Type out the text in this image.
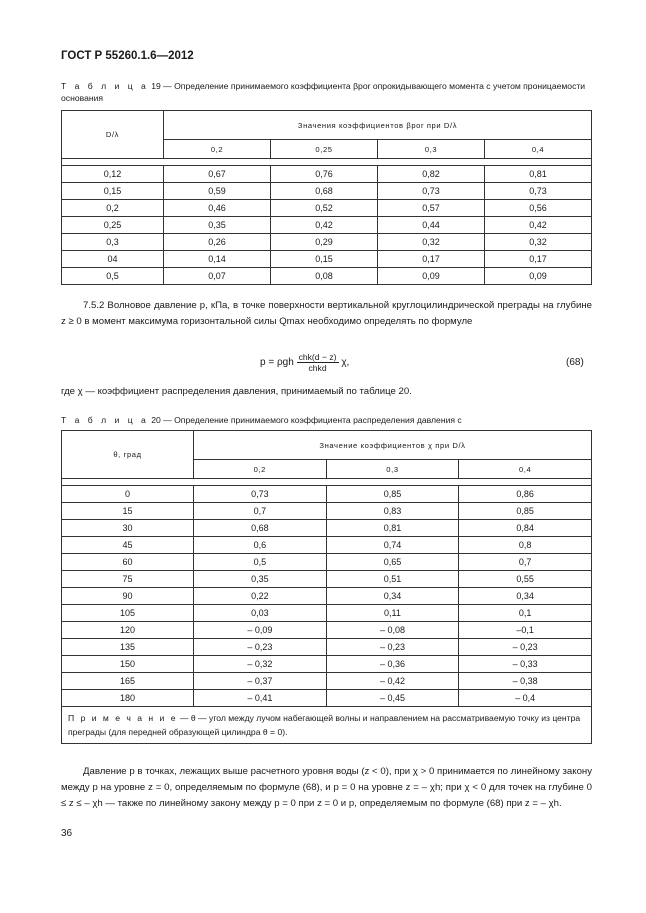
ГОСТ Р 55260.1.6—2012
Т а б л и ц а 19 — Определение принимаемого коэффициента βpor опрокидывающего момента с учетом проницаемости основания
D/λ	Значения коэффициентов βpor при D/λ			
	0,2	0,25	0,3	0,4

0,12	0,67	0,76	0,82	0,81
0,15	0,59	0,68	0,73	0,73
0,2	0,46	0,52	0,57	0,56
0,25	0,35	0,42	0,44	0,42
0,3	0,26	0,29	0,32	0,32
04	0,14	0,15	0,17	0,17
0,5	0,07	0,08	0,09	0,09
7.5.2 Волновое давление p, кПа, в точке поверхности вертикальной круглоцилиндрической преграды на глубине z ≥ 0 в момент максимума горизонтальной силы Qmax необходимо определять по формуле
p = ρgh $\frac{\text{chk(d − z)}}{\text{chkd}} \chi$,	(68)
где χ — коэффициент распределения давления, принимаемый по таблице 20.
Т а б л и ц а 20 — Определение принимаемого коэффициента распределения давления c
θ, град	Значение коэффициентов χ при D/λ		
	0,2	0,3	0,4

0	0,73	0,85	0,86
15	0,7	0,83	0,85
30	0,68	0,81	0,84
45	0,6	0,74	0,8
60	0,5	0,65	0,7
75	0,35	0,51	0,55
90	0,22	0,34	0,34
105	0,03	0,11	0,1
120	– 0,09	– 0,08	–0,1
135	– 0,23	– 0,23	– 0,23
150	– 0,32	– 0,36	– 0,33
165	– 0,37	– 0,42	– 0,38
180	– 0,41	– 0,45	– 0,4
П р и м е ч а н и е — θ — угол между лучом набегающей волны и направлением на рассматриваемую точку из центра преграды (для передней образующей цилиндра θ = 0).			
Давление p в точках, лежащих выше расчетного уровня воды (z < 0), при χ > 0 принимается по линейному закону между p на уровне z = 0, определяемым по формуле (68), и p = 0 на уровне z = – χh; при χ < 0 для точек на глубине 0 ≤ z ≤ – χh — также по линейному закону между p = 0 при z = 0 и p, определяемым по формуле (68) при z = – χh.
36
